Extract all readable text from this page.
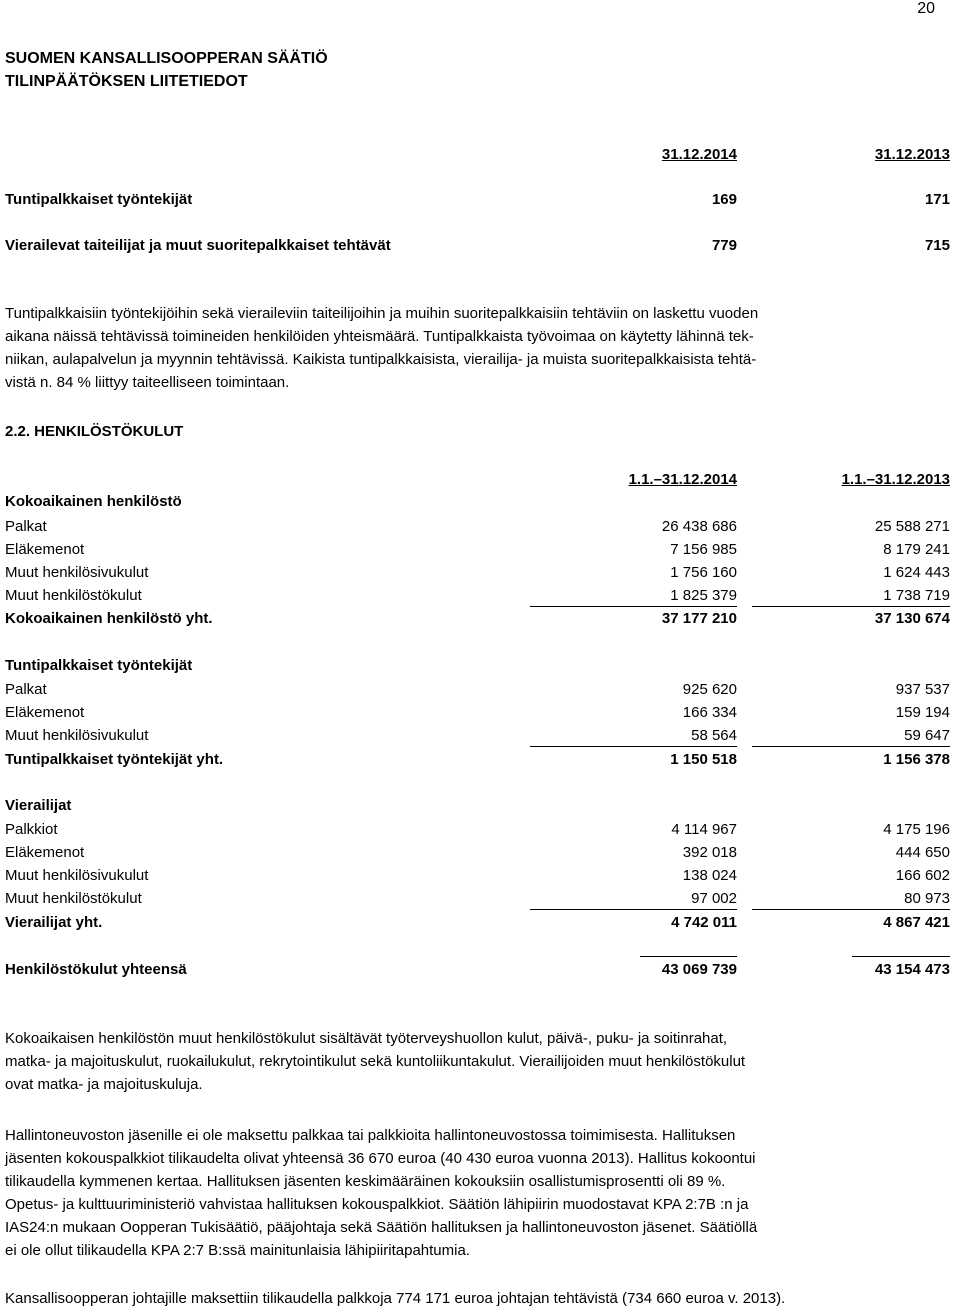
20
SUOMEN KANSALLISOOPPERAN SÄÄTIÖ
TILINPÄÄTÖKSEN LIITETIEDOT
31.12.2014	31.12.2013
Tuntipalkkaiset työntekijät	169	171
Vierailevat taiteilijat ja muut suoritepalkkaiset tehtävät	779	715
Tuntipalkkaisiin työntekijöihin sekä vieraileviin taiteilijoihin ja muihin suoritepalkkaisiin tehtäviin on laskettu vuoden
aikana näissä tehtävissä toimineiden henkilöiden yhteismäärä. Tuntipalkkaista työvoimaa on käytetty lähinnä tek-
niikan, aulapalvelun ja myynnin tehtävissä. Kaikista tuntipalkkaisista, vierailija- ja muista suoritepalkkaisista tehtä-
vistä n. 84 % liittyy taiteelliseen toimintaan.
2.2. HENKILÖSTÖKULUT
1.1.–31.12.2014	1.1.–31.12.2013
Kokoaikainen henkilöstö
Palkat	26 438 686	25 588 271
Eläkemenot	7 156 985	8 179 241
Muut henkilösivukulut	1 756 160	1 624 443
Muut henkilöstökulut	1 825 379	1 738 719
Kokoaikainen henkilöstö yht.	37 177 210	37 130 674
Tuntipalkkaiset työntekijät
Palkat	925 620	937 537
Eläkemenot	166 334	159 194
Muut henkilösivukulut	58 564	59 647
Tuntipalkkaiset työntekijät yht.	1 150 518	1 156 378
Vierailijat
Palkkiot	4 114 967	4 175 196
Eläkemenot	392 018	444 650
Muut henkilösivukulut	138 024	166 602
Muut henkilöstökulut	97 002	80 973
Vierailijat yht.	4 742 011	4 867 421
Henkilöstökulut yhteensä	43 069 739	43 154 473
Kokoaikaisen henkilöstön muut henkilöstökulut sisältävät työterveyshuollon kulut, päivä-, puku- ja soitinrahat,
matka- ja majoituskulut, ruokailukulut, rekrytointikulut sekä kuntoliikuntakulut. Vierailijoiden muut henkilöstökulut
ovat matka- ja majoituskuluja.
Hallintoneuvoston jäsenille ei ole maksettu palkkaa tai palkkioita hallintoneuvostossa toimimisesta. Hallituksen
jäsenten kokouspalkkiot tilikaudelta olivat yhteensä 36 670 euroa (40 430 euroa vuonna 2013). Hallitus kokoontui
tilikaudella kymmenen kertaa. Hallituksen jäsenten keskimääräinen kokouksiin osallistumisprosentti oli 89 %.
Opetus- ja kulttuuriministeriö vahvistaa hallituksen kokouspalkkiot. Säätiön lähipiirin muodostavat KPA 2:7B :n ja
IAS24:n mukaan Oopperan Tukisäätiö, pääjohtaja sekä Säätiön hallituksen ja hallintoneuvoston jäsenet. Säätiöllä
ei ole ollut tilikaudella KPA 2:7 B:ssä mainitunlaisia lähipiiritapahtumia.
Kansallisoopperan johtajille maksettiin tilikaudella palkkoja 774 171 euroa johtajan tehtävistä (734 660 euroa v. 2013).
